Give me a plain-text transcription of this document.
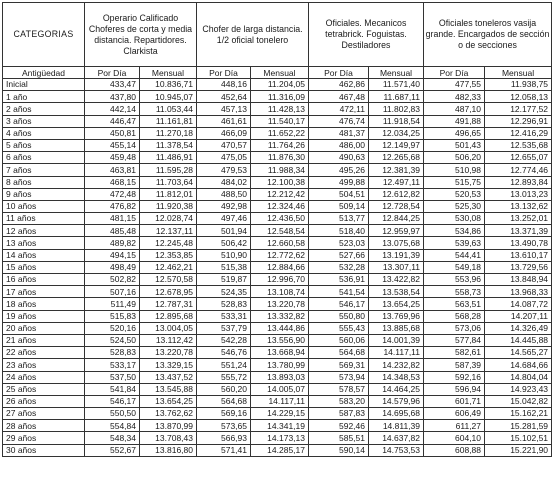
CATEGORIAS	Operario Calificado Choferes de corta y media distancia. Repartidores. Clarkista		Chofer de larga distancia. 1/2 oficial tonelero		Oficiales. Mecanicos tetrabrick. Foguistas. Destiladores		Oficiales toneleros vasija grande. Encargados de sección o de secciones	
Antigüedad	Por Día	Mensual	Por Día	Mensual	Por Día	Mensual	Por Día	Mensual
Inicial	433,47	10.836,71	448,16	11.204,05	462,86	11.571,40	477,55	11.938,75
1 año	437,80	10.945,07	452,64	11.316,09	467,48	11.687,11	482,33	12.058,13
2 años	442,14	11.053,44	457,13	11.428,13	472,11	11.802,83	487,10	12.177,52
3 años	446,47	11.161,81	461,61	11.540,17	476,74	11.918,54	491,88	12.296,91
4 años	450,81	11.270,18	466,09	11.652,22	481,37	12.034,25	496,65	12.416,29
5 años	455,14	11.378,54	470,57	11.764,26	486,00	12.149,97	501,43	12.535,68
6 años	459,48	11.486,91	475,05	11.876,30	490,63	12.265,68	506,20	12.655,07
7 años	463,81	11.595,28	479,53	11.988,34	495,26	12.381,39	510,98	12.774,46
8 años	468,15	11.703,64	484,02	12.100,38	499,88	12.497,11	515,75	12.893,84
9 años	472,48	11.812,01	488,50	12.212,42	504,51	12.612,82	520,53	13.013,23
10 años	476,82	11.920,38	492,98	12.324,46	509,14	12.728,54	525,30	13.132,62
11 años	481,15	12.028,74	497,46	12.436,50	513,77	12.844,25	530,08	13.252,01
12 años	485,48	12.137,11	501,94	12.548,54	518,40	12.959,97	534,86	13.371,39
13 años	489,82	12.245,48	506,42	12.660,58	523,03	13.075,68	539,63	13.490,78
14 años	494,15	12.353,85	510,90	12.772,62	527,66	13.191,39	544,41	13.610,17
15 años	498,49	12.462,21	515,38	12.884,66	532,28	13.307,11	549,18	13.729,56
16 años	502,82	12.570,58	519,87	12.996,70	536,91	13.422,82	553,96	13.848,94
17 años	507,16	12.678,95	524,35	13.108,74	541,54	13.538,54	558,73	13.968,33
18 años	511,49	12.787,31	528,83	13.220,78	546,17	13.654,25	563,51	14.087,72
19 años	515,83	12.895,68	533,31	13.332,82	550,80	13.769,96	568,28	14.207,11
20 años	520,16	13.004,05	537,79	13.444,86	555,43	13.885,68	573,06	14.326,49
21 años	524,50	13.112,42	542,28	13.556,90	560,06	14.001,39	577,84	14.445,88
22 años	528,83	13.220,78	546,76	13.668,94	564,68	14.117,11	582,61	14.565,27
23 años	533,17	13.329,15	551,24	13.780,99	569,31	14.232,82	587,39	14.684,66
24 años	537,50	13.437,52	555,72	13.893,03	573,94	14.348,53	592,16	14.804,04
25 años	541,84	13.545,88	560,20	14.005,07	578,57	14.464,25	596,94	14.923,43
26 años	546,17	13.654,25	564,68	14.117,11	583,20	14.579,96	601,71	15.042,82
27 años	550,50	13.762,62	569,16	14.229,15	587,83	14.695,68	606,49	15.162,21
28 años	554,84	13.870,99	573,65	14.341,19	592,46	14.811,39	611,27	15.281,59
29 años	548,34	13.708,43	566,93	14.173,13	585,51	14.637,82	604,10	15.102,51
30 años	552,67	13.816,80	571,41	14.285,17	590,14	14.753,53	608,88	15.221,90
